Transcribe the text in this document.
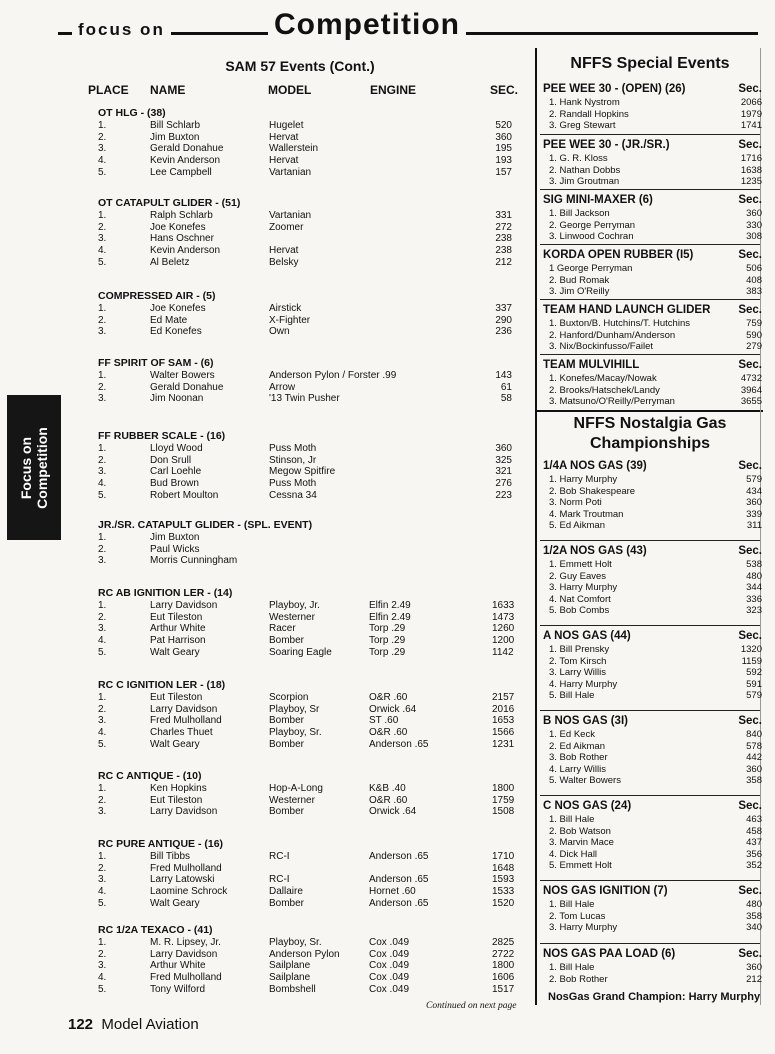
focus on	Competition
Focus on Competition
SAM 57 Events (Cont.)
PLACE NAME	MODEL	ENGINE	SEC.
OT HLG - (38)
1.	Bill Schlarb	Hugelet	520
2.	Jim Buxton	Hervat	360
3.	Gerald Donahue	Wallerstein	195
4.	Kevin Anderson	Hervat	193
5.	Lee Campbell	Vartanian	157
OT CATAPULT GLIDER - (51)
1.	Ralph Schlarb	Vartanian	331
2.	Joe Konefes	Zoomer	272
3.	Hans Oschner	238
4.	Kevin Anderson	Hervat	238
5.	Al Beletz	Belsky	212
COMPRESSED AIR - (5)
1.	Joe Konefes	Airstick	337
2.	Ed Mate	X-Fighter	290
3.	Ed Konefes	Own	236
FF SPIRIT OF SAM - (6)
1.	Walter Bowers	Anderson Pylon / Forster .99	143
2.	Gerald Donahue	Arrow	61
3.	Jim Noonan	'13 Twin Pusher	58
FF RUBBER SCALE - (16)
1.	Lloyd Wood	Puss Moth	360
2.	Don Srull	Stinson, Jr	325
3.	Carl Loehle	Megow Spitfire	321
4.	Bud Brown	Puss Moth	276
5.	Robert Moulton	Cessna 34	223
JR./SR. CATAPULT GLIDER - (SPL. EVENT)
1.	Jim Buxton
2.	Paul Wicks
3.	Morris Cunningham
RC AB IGNITION LER - (14)
1.	Larry Davidson	Playboy, Jr.	Elfin 2.49	1633
2.	Eut Tileston	Westerner	Elfin 2.49	1473
3.	Arthur White	Racer	Torp .29	1260
4.	Pat Harrison	Bomber	Torp .29	1200
5.	Walt Geary	Soaring Eagle	Torp .29	1142
RC C IGNITION LER - (18)
1.	Eut Tileston	Scorpion	O&R .60	2157
2.	Larry Davidson	Playboy, Sr	Orwick .64	2016
3.	Fred Mulholland	Bomber	ST .60	1653
4.	Charles Thuet	Playboy, Sr.	O&R .60	1566
5.	Walt Geary	Bomber	Anderson .65	1231
RC C ANTIQUE - (10)
1.	Ken Hopkins	Hop-A-Long	K&B .40	1800
2.	Eut Tileston	Westerner	O&R .60	1759
3.	Larry Davidson	Bomber	Orwick .64	1508
RC PURE ANTIQUE - (16)
1.	Bill Tibbs	RC-I	Anderson .65	1710
2.	Fred Mulholland	1648
3.	Larry Latowski	RC-I	Anderson .65	1593
4.	Laomine Schrock	Dallaire	Hornet .60	1533
5.	Walt Geary	Bomber	Anderson .65	1520
RC 1/2A TEXACO - (41)
1.	M. R. Lipsey, Jr.	Playboy, Sr.	Cox .049	2825
2.	Larry Davidson	Anderson Pylon	Cox .049	2722
3.	Arthur White	Sailplane	Cox .049	1800
4.	Fred Mulholland	Sailplane	Cox .049	1606
5.	Tony Wilford	Bombshell	Cox .049	1517
PEE WEE 30 - (OPEN) (26)	Sec.
1. Hank Nystrom	2066
2. Randall Hopkins	1979
3. Greg Stewart	1741
PEE WEE 30 - (JR./SR.)	Sec.
1. G. R. Kloss	1716
2. Nathan Dobbs	1638
3. Jim Groutman	1235
SIG MINI-MAXER (6)	Sec.
1. Bill Jackson	360
2. George Perryman	330
3. Linwood Cochran	308
KORDA OPEN RUBBER (I5)	Sec.
1 George Perryman	506
2. Bud Romak	408
3. Jim O'Reilly	383
TEAM HAND LAUNCH GLIDER	Sec.
1. Buxton/B. Hutchins/T. Hutchins	759
2. Hanford/Dunham/Anderson	590
3. Nix/Bockinfusso/Failet	279
TEAM MULVIHILL	Sec.
1. Konefes/Macay/Nowak	4732
2. Brooks/Hatschek/Landy	3964
3. Matsuno/O'Reilly/Perryman	3655
1/4A NOS GAS (39)	Sec.
1. Harry Murphy	579
2. Bob Shakespeare	434
3. Norm Poti	360
4. Mark Troutman	339
5. Ed Aikman	311
1/2A NOS GAS (43)	Sec.
1. Emmett Holt	538
2. Guy Eaves	480
3. Harry Murphy	344
4. Nat Comfort	336
5. Bob Combs	323
A NOS GAS (44)	Sec.
1. Bill Prensky	1320
2. Tom Kirsch	1159
3. Larry Willis	592
4. Harry Murphy	591
5. Bill Hale	579
B NOS GAS (3I)	Sec.
1. Ed Keck	840
2. Ed Aikman	578
3. Bob Rother	442
4. Larry Willis	360
5. Walter Bowers	358
C NOS GAS (24)	Sec.
1. Bill Hale	463
2. Bob Watson	458
3. Marvin Mace	437
4. Dick Hall	356
5. Emmett Holt	352
NOS GAS IGNITION (7)	Sec.
1. Bill Hale	480
2. Tom Lucas	358
3. Harry Murphy	340
NOS GAS PAA LOAD (6)	Sec.
1. Bill Hale	360
2. Bob Rother	212
NFFS Special Events
NFFS Nostalgia Gas
Championships
Continued on next page
NosGas Grand Champion: Harry Murphy
122 Model Aviation
